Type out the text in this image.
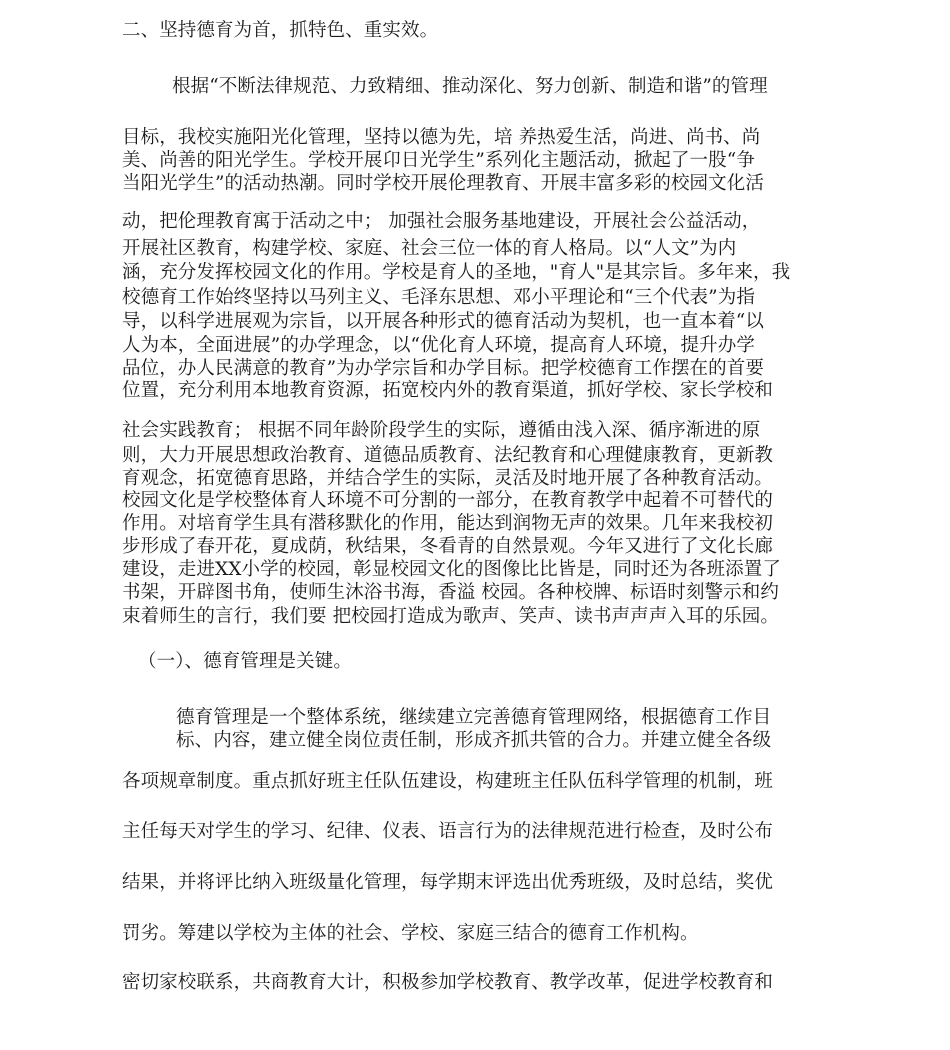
二、坚持德育为首，抓特色、重实效。

根据“不断法律规范、力致精细、推动深化、努力创新、制造和谐”的管理

目标，我校实施阳光化管理，坚持以德为先，培 养热爱生活，尚进、尚书、尚

美、尚善的阳光学生。学校开展卬日光学生”系列化主题活动，掀起了一股“争

当阳光学生”的活动热潮。同时学校开展伦理教育、开展丰富多彩的校园文化活

动，把伦理教育寓于活动之中； 加强社会服务基地建设，开展社会公益活动，

开展社区教育，构建学校、家庭、社会三位一体的育人格局。以“人文”为内

涵，充分发挥校园文化的作用。学校是育人的圣地，"育人"是其宗旨。多年来，我

校德育工作始终坚持以马列主义、毛泽东思想、邓小平理论和“三个代表”为指

导，以科学进展观为宗旨，以开展各种形式的德育活动为契机，也一直本着“以

人为本，全面进展”的办学理念，以“优化育人环境，提高育人环境，提升办学

品位，办人民满意的教育”为办学宗旨和办学目标。把学校德育工作摆在的首要

位置，充分利用本地教育资源，拓宽校内外的教育渠道，抓好学校、家长学校和

社会实践教育； 根据不同年龄阶段学生的实际，遵循由浅入深、循序渐进的原

则，大力开展思想政治教育、道德品质教育、法纪教育和心理健康教育，更新教

育观念，拓宽德育思路，并结合学生的实际，灵活及时地开展了各种教育活动。

校园文化是学校整体育人环境不可分割的一部分，在教育教学中起着不可替代的

作用。对培育学生具有潜移默化的作用，能达到润物无声的效果。几年来我校初

步形成了春开花，夏成荫，秋结果，冬看青的自然景观。今年又进行了文化长廊

建设，走进XX小学的校园，彰显校园文化的图像比比皆是，同时还为各班添置了

书架，开辟图书角，使师生沐浴书海，香溢 校园。各种校牌、标语时刻警示和约

束着师生的言行，我们要 把校园打造成为歌声、笑声、读书声声声入耳的乐园。

（一）、德育管理是关键。

德育管理是一个整体系统，继续建立完善德育管理网络，根据德育工作目

标、内容，建立健全岗位责任制，形成齐抓共管的合力。并建立健全各级

各项规章制度。重点抓好班主任队伍建设，构建班主任队伍科学管理的机制，班

主任每天对学生的学习、纪律、仪表、语言行为的法律规范进行检查，及时公布

结果，并将评比纳入班级量化管理，每学期末评选出优秀班级，及时总结，奖优

罚劣。筹建以学校为主体的社会、学校、家庭三结合的德育工作机构。

密切家校联系，共商教育大计，积极参加学校教育、教学改革，促进学校教育和
